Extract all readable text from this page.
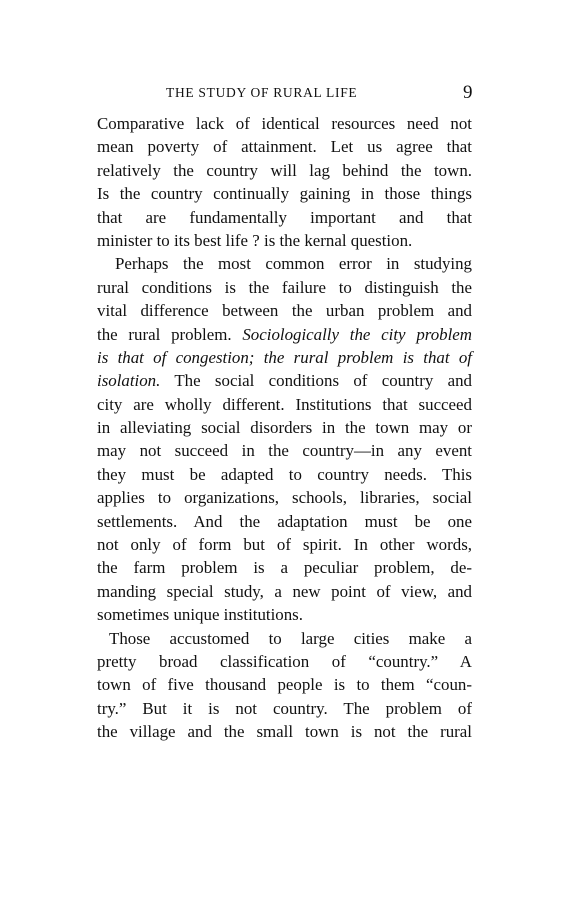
THE STUDY OF RURAL LIFE	9
Comparative lack of identical resources need not
mean poverty of attainment. Let us agree that
relatively the country will lag behind the town.
Is the country continually gaining in those things
that are fundamentally important and that
minister to its best life ? is the kernal question.
Perhaps the most common error in studying
rural conditions is the failure to distinguish the
vital difference between the urban problem and
the rural problem. Sociologically the city problem
is that of congestion; the rural problem is that of
isolation. The social conditions of country and
city are wholly different. Institutions that succeed
in alleviating social disorders in the town may or
may not succeed in the country—in any event
they must be adapted to country needs. This
applies to organizations, schools, libraries, social
settlements. And the adaptation must be one
not only of form but of spirit. In other words,
the farm problem is a peculiar problem, de-
manding special study, a new point of view, and
sometimes unique institutions.
Those accustomed to large cities make a
pretty broad classification of “country.” A
town of five thousand people is to them “coun-
try.” But it is not country. The problem of
the village and the small town is not the rural
